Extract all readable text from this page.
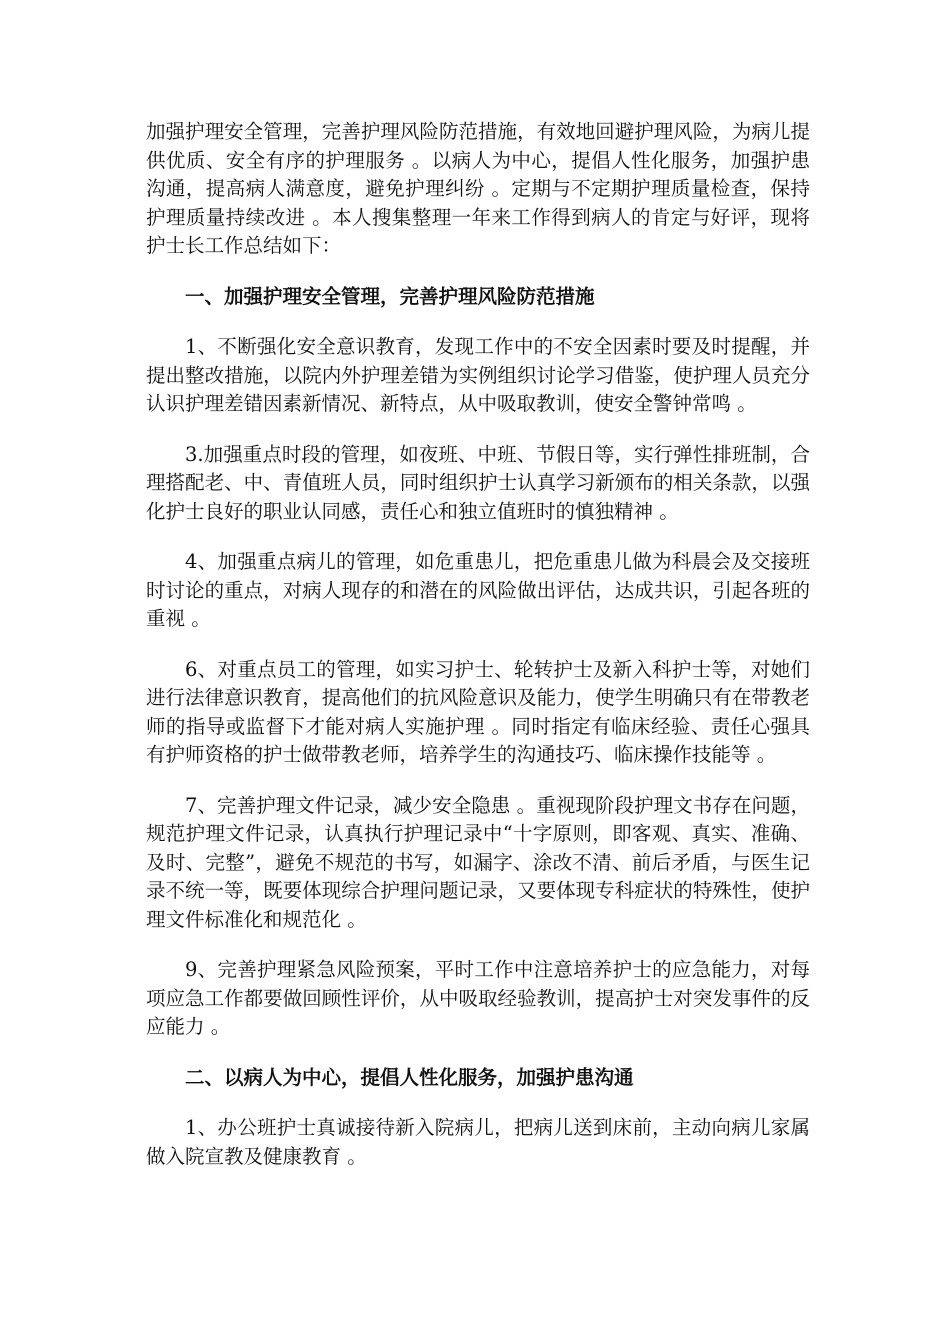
加强护理安全管理，完善护理风险防范措施，有效地回避护理风险，为病儿提供优质、安全有序的护理服务 。以病人为中心，提倡人性化服务，加强护患沟通，提高病人满意度，避免护理纠纷 。定期与不定期护理质量检查，保持护理质量持续改进 。本人搜集整理一年来工作得到病人的肯定与好评，现将护士长工作总结如下：

一、加强护理安全管理，完善护理风险防范措施

1、不断强化安全意识教育，发现工作中的不安全因素时要及时提醒，并提出整改措施，以院内外护理差错为实例组织讨论学习借鉴，使护理人员充分认识护理差错因素新情况、新特点，从中吸取教训，使安全警钟常鸣 。

3.加强重点时段的管理，如夜班、中班、节假日等，实行弹性排班制，合理搭配老、中、青值班人员，同时组织护士认真学习新颁布的相关条款，以强化护士良好的职业认同感，责任心和独立值班时的慎独精神 。

4、加强重点病儿的管理，如危重患儿，把危重患儿做为科晨会及交接班时讨论的重点，对病人现存的和潜在的风险做出评估，达成共识，引起各班的重视 。

6、对重点员工的管理，如实习护士、轮转护士及新入科护士等，对她们进行法律意识教育，提高他们的抗风险意识及能力，使学生明确只有在带教老师的指导或监督下才能对病人实施护理 。同时指定有临床经验、责任心强具有护师资格的护士做带教老师，培养学生的沟通技巧、临床操作技能等 。

7、完善护理文件记录，减少安全隐患 。重视现阶段护理文书存在问题，规范护理文件记录，认真执行护理记录中“十字原则，即客观、真实、准确、及时、完整”，避免不规范的书写，如漏字、涂改不清、前后矛盾，与医生记录不统一等，既要体现综合护理问题记录，又要体现专科症状的特殊性，使护理文件标准化和规范化 。

9、完善护理紧急风险预案，平时工作中注意培养护士的应急能力，对每项应急工作都要做回顾性评价，从中吸取经验教训，提高护士对突发事件的反应能力 。

二、以病人为中心，提倡人性化服务，加强护患沟通

1、办公班护士真诚接待新入院病儿，把病儿送到床前，主动向病儿家属做入院宣教及健康教育 。
